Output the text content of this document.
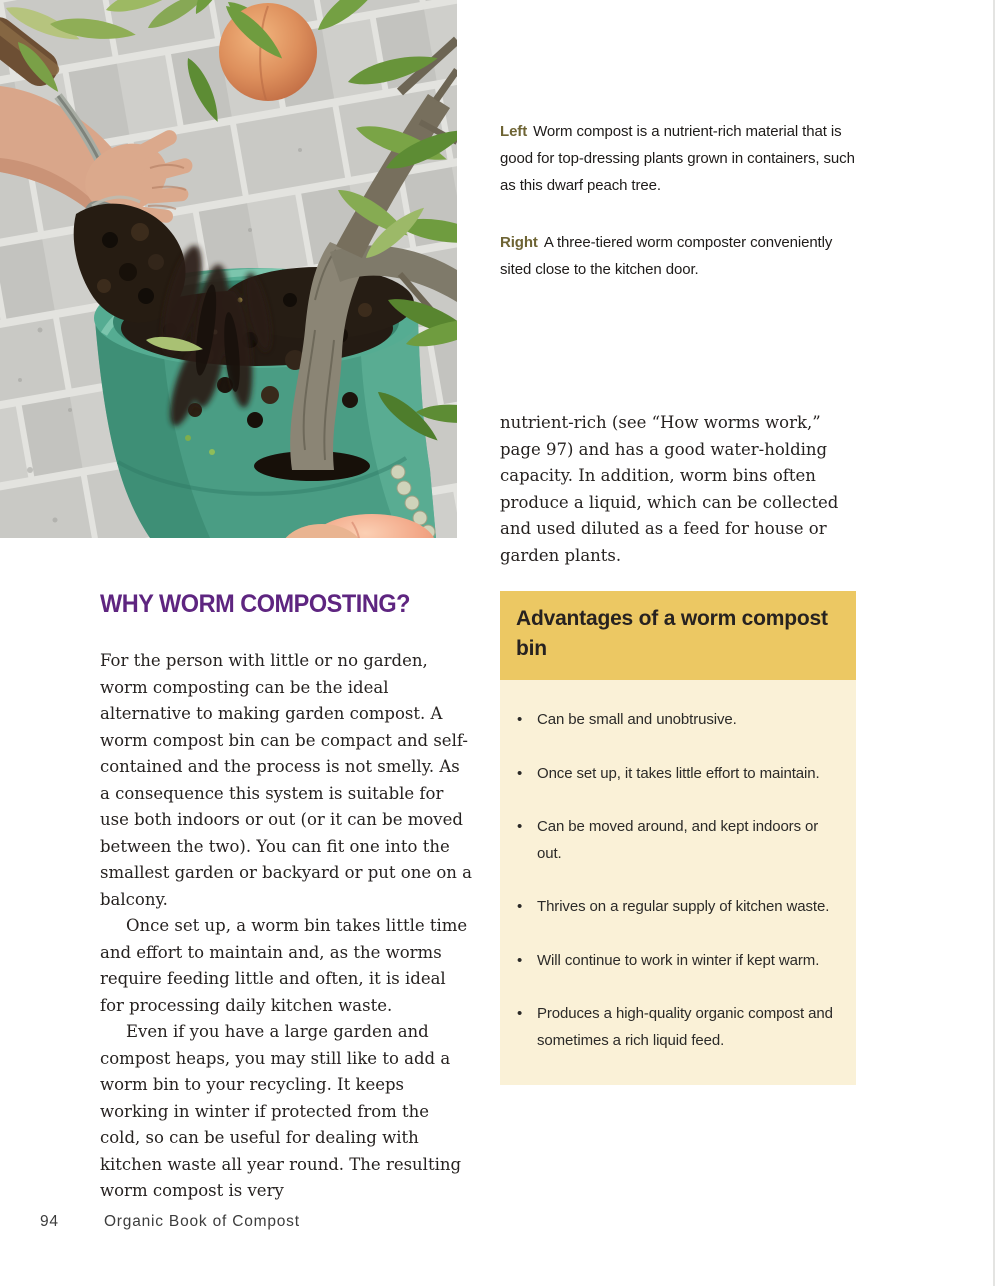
Left Worm compost is a nutrient-rich material that is good for top-dressing plants grown in containers, such as this dwarf peach tree.

Right A three-tiered worm composter conveniently sited close to the kitchen door.

nutrient-rich (see “How worms work,” page 97) and has a good water-holding capacity. In addition, worm bins often produce a liquid, which can be collected and used diluted as a feed for house or garden plants.
WHY WORM COMPOSTING?

For the person with little or no garden, worm composting can be the ideal alternative to making garden compost. A worm compost bin can be compact and self-contained and the process is not smelly. As a consequence this system is suitable for use both indoors or out (or it can be moved between the two). You can fit one into the smallest garden or backyard or put one on a balcony.

Once set up, a worm bin takes little time and effort to maintain and, as the worms require feeding little and often, it is ideal for processing daily kitchen waste.

Even if you have a large garden and compost heaps, you may still like to add a worm bin to your recycling. It keeps working in winter if protected from the cold, so can be useful for dealing with kitchen waste all year round. The resulting worm compost is very

Advantages of a worm compost bin
• Can be small and unobtrusive.
• Once set up, it takes little effort to maintain.
• Can be moved around, and kept indoors or out.
• Thrives on a regular supply of kitchen waste.
• Will continue to work in winter if kept warm.
• Produces a high-quality organic compost and sometimes a rich liquid feed.
94	Organic Book of Compost
